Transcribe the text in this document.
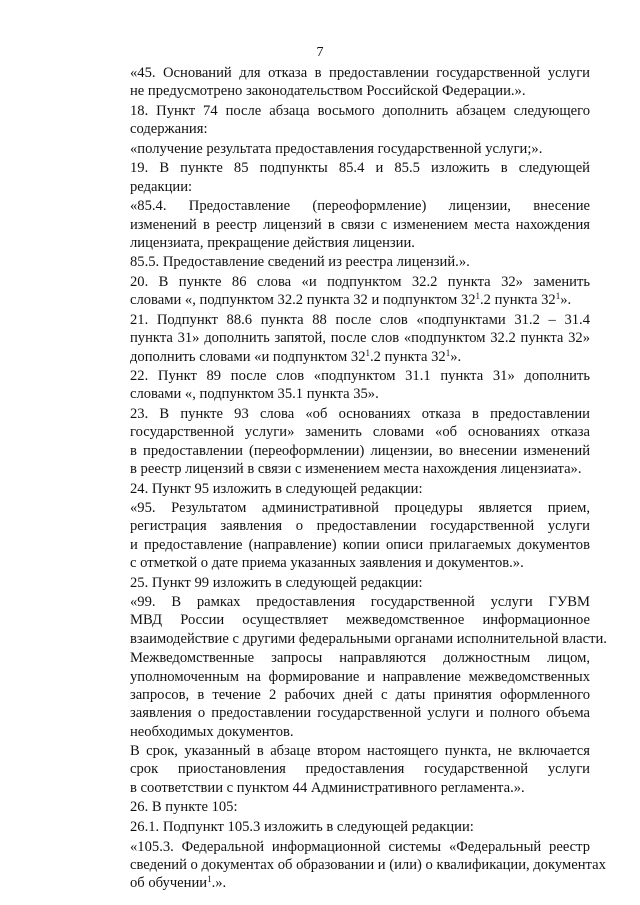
7
«45. Оснований для отказа в предоставлении государственной услуги
не предусмотрено законодательством Российской Федерации.».
18. Пункт 74 после абзаца восьмого дополнить абзацем следующего
содержания:
«получение результата предоставления государственной услуги;».
19. В пункте 85 подпункты 85.4 и 85.5 изложить в следующей
редакции:
«85.4. Предоставление (переоформление) лицензии, внесение
изменений в реестр лицензий в связи с изменением места нахождения
лицензиата, прекращение действия лицензии.
85.5. Предоставление сведений из реестра лицензий.».
20. В пункте 86 слова «и подпунктом 32.2 пункта 32» заменить
словами «, подпунктом 32.2 пункта 32 и подпунктом $32^1.2$ пункта $32^1$».
21. Подпункт 88.6 пункта 88 после слов «подпунктами 31.2 – 31.4
пункта 31» дополнить запятой, после слов «подпунктом 32.2 пункта 32»
дополнить словами «и подпунктом $32^1.2$ пункта $32^1$».
22. Пункт 89 после слов «подпунктом 31.1 пункта 31» дополнить
словами «, подпунктом 35.1 пункта 35».
23. В пункте 93 слова «об основаниях отказа в предоставлении
государственной услуги» заменить словами «об основаниях отказа
в предоставлении (переоформлении) лицензии, во внесении изменений
в реестр лицензий в связи с изменением места нахождения лицензиата».
24. Пункт 95 изложить в следующей редакции:
«95. Результатом административной процедуры является прием,
регистрация заявления о предоставлении государственной услуги
и предоставление (направление) копии описи прилагаемых документов
с отметкой о дате приема указанных заявления и документов.».
25. Пункт 99 изложить в следующей редакции:
«99. В рамках предоставления государственной услуги ГУВМ
МВД России осуществляет межведомственное информационное
взаимодействие с другими федеральными органами исполнительной власти.
Межведомственные запросы направляются должностным лицом,
уполномоченным на формирование и направление межведомственных
запросов, в течение 2 рабочих дней с даты принятия оформленного
заявления о предоставлении государственной услуги и полного объема
необходимых документов.
В срок, указанный в абзаце втором настоящего пункта, не включается
срок приостановления предоставления государственной услуги
в соответствии с пунктом 44 Административного регламента.».
26. В пункте 105:
26.1. Подпункт 105.3 изложить в следующей редакции:
«105.3. Федеральной информационной системы «Федеральный реестр
сведений о документах об образовании и (или) о квалификации, документах
об обучении$^1$.».
